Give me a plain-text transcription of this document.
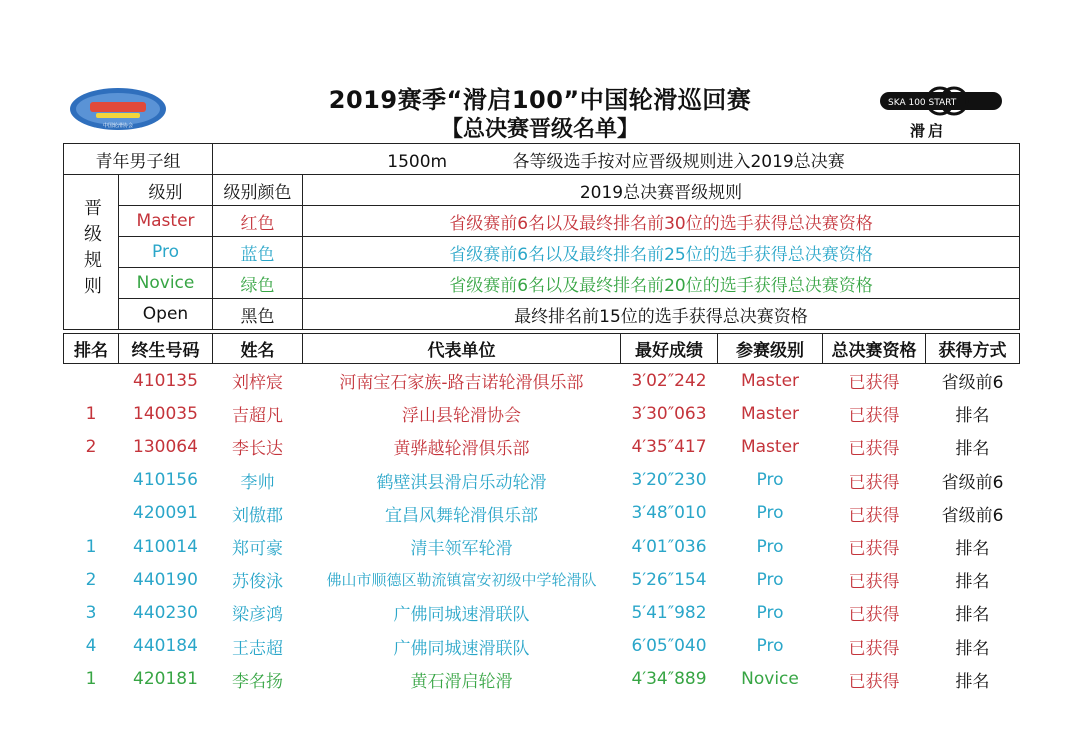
中国轮滑协会
2019赛季“滑启100”中国轮滑巡回赛
【总决赛晋级名单】
SKA 100 START
滑启
青年男子组		1500m 各等级选手按对应晋级规则进入2019总决赛	
晋级规则	级别	级别颜色	2019总决赛晋级规则
	Master	红色	省级赛前6名以及最终排名前30位的选手获得总决赛资格
	Pro	蓝色	省级赛前6名以及最终排名前25位的选手获得总决赛资格
	Novice	绿色	省级赛前6名以及最终排名前20位的选手获得总决赛资格
	Open	黑色	最终排名前15位的选手获得总决赛资格
排名	终生号码	姓名	代表单位	最好成绩	参赛级别	总决赛资格	获得方式
	410135	刘梓宸	河南宝石家族-路吉诺轮滑俱乐部	3′02″242	Master	已获得	省级前6
1	140035	吉超凡	浮山县轮滑协会	3′30″063	Master	已获得	排名
2	130064	李长达	黄骅越轮滑俱乐部	4′35″417	Master	已获得	排名
	410156	李帅	鹤壁淇县滑启乐动轮滑	3′20″230	Pro	已获得	省级前6
	420091	刘傲郡	宜昌风舞轮滑俱乐部	3′48″010	Pro	已获得	省级前6
1	410014	郑可豪	清丰领军轮滑	4′01″036	Pro	已获得	排名
2	440190	苏俊泳	佛山市顺德区勒流镇富安初级中学轮滑队	5′26″154	Pro	已获得	排名
3	440230	梁彦鸿	广佛同城速滑联队	5′41″982	Pro	已获得	排名
4	440184	王志超	广佛同城速滑联队	6′05″040	Pro	已获得	排名
1	420181	李名扬	黄石滑启轮滑	4′34″889	Novice	已获得	排名
